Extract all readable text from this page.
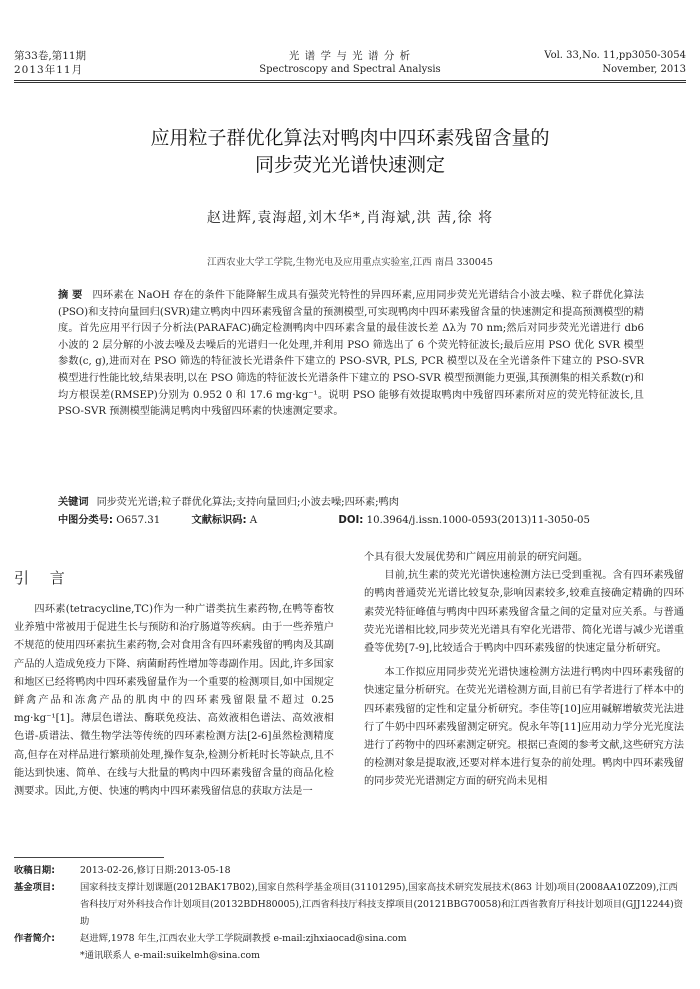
第33卷,第11期
2013年11月
光 谱 学 与 光 谱 分 析
Spectroscopy and Spectral Analysis
Vol. 33,No. 11,pp3050-3054
November, 2013
应用粒子群优化算法对鸭肉中四环素残留含量的
同步荧光光谱快速测定
赵进辉,袁海超,刘木华*,肖海斌,洪 茜,徐 将
江西农业大学工学院,生物光电及应用重点实验室,江西 南昌 330045
摘 要 四环素在 NaOH 存在的条件下能降解生成具有强荧光特性的异四环素,应用同步荧光光谱结合小波去噪、粒子群优化算法(PSO)和支持向量回归(SVR)建立鸭肉中四环素残留含量的预测模型,可实现鸭肉中四环素残留含量的快速测定和提高预测模型的精度。首先应用平行因子分析法(PARAFAC)确定检测鸭肉中四环素含量的最佳波长差 Δλ为 70 nm;然后对同步荧光光谱进行 db6 小波的 2 层分解的小波去噪及去噪后的光谱归一化处理,并利用 PSO 筛选出了 6 个荧光特征波长;最后应用 PSO 优化 SVR 模型参数(c, g),进而对在 PSO 筛选的特征波长光谱条件下建立的 PSO-SVR, PLS, PCR 模型以及在全光谱条件下建立的 PSO-SVR 模型进行性能比较,结果表明,以在 PSO 筛选的特征波长光谱条件下建立的 PSO-SVR 模型预测能力更强,其预测集的相关系数(r)和均方根误差(RMSEP)分别为 0.952 0 和 17.6 mg·kg⁻¹。说明 PSO 能够有效提取鸭肉中残留四环素所对应的荧光特征波长,且 PSO-SVR 预测模型能满足鸭肉中残留四环素的快速测定要求。
关键词 同步荧光光谱;粒子群优化算法;支持向量回归;小波去噪;四环素;鸭肉
中图分类号: O657.31	文献标识码: A	DOI: 10.3964/j.issn.1000-0593(2013)11-3050-05
引 言

四环素(tetracycline,TC)作为一种广谱类抗生素药物,在鸭等畜牧业养殖中常被用于促进生长与预防和治疗肠道等疾病。由于一些养殖户不规范的使用四环素抗生素药物,会对食用含有四环素残留的鸭肉及其副产品的人造成免疫力下降、病菌耐药性增加等毒副作用。因此,许多国家和地区已经将鸭肉中四环素残留量作为一个重要的检测项目,如中国规定鲜禽产品和冻禽产品的肌肉中的四环素残留限量不超过 0.25 mg·kg⁻¹[1]。薄层色谱法、酶联免疫法、高效液相色谱法、高效液相色谱-质谱法、微生物学法等传统的四环素检测方法[2-6]虽然检测精度高,但存在对样品进行繁琐前处理,操作复杂,检测分析耗时长等缺点,且不能达到快速、简单、在线与大批量的鸭肉中四环素残留含量的商品化检测要求。因此,方便、快速的鸭肉中四环素残留信息的获取方法是一

个具有很大发展优势和广阔应用前景的研究问题。

目前,抗生素的荧光光谱快速检测方法已受到重视。含有四环素残留的鸭肉普通荧光光谱比较复杂,影响因素较多,较难直接确定精确的四环素荧光特征峰值与鸭肉中四环素残留含量之间的定量对应关系。与普通荧光光谱相比较,同步荧光光谱具有窄化光谱带、简化光谱与减少光谱重叠等优势[7-9],比较适合于鸭肉中四环素残留的快速定量分析研究。

本工作拟应用同步荧光光谱快速检测方法进行鸭肉中四环素残留的快速定量分析研究。在荧光光谱检测方面,目前已有学者进行了样本中的四环素残留的定性和定量分析研究。李佳等[10]应用碱解增敏荧光法进行了牛奶中四环素残留测定研究。倪永年等[11]应用动力学分光光度法进行了药物中的四环素测定研究。根据已查阅的参考文献,这些研究方法的检测对象是提取液,还要对样本进行复杂的前处理。鸭肉中四环素残留的同步荧光光谱测定方面的研究尚未见相

收稿日期:	2013-02-26,修订日期:2013-05-18
基金项目:	国家科技支撑计划课题(2012BAK17B02),国家自然科学基金项目(31101295),国家高技术研究发展技术(863 计划)项目(2008AA10Z209),江西省科技厅对外科技合作计划项目(20132BDH80005),江西省科技厅科技支撑项目(20121BBG70058)和江西省教育厅科技计划项目(GJJ12244)资助
作者简介:	赵进辉,1978 年生,江西农业大学工学院副教授 e-mail:zjhxiaocad@sina.com
*通讯联系人 e-mail:suikelmh@sina.com
